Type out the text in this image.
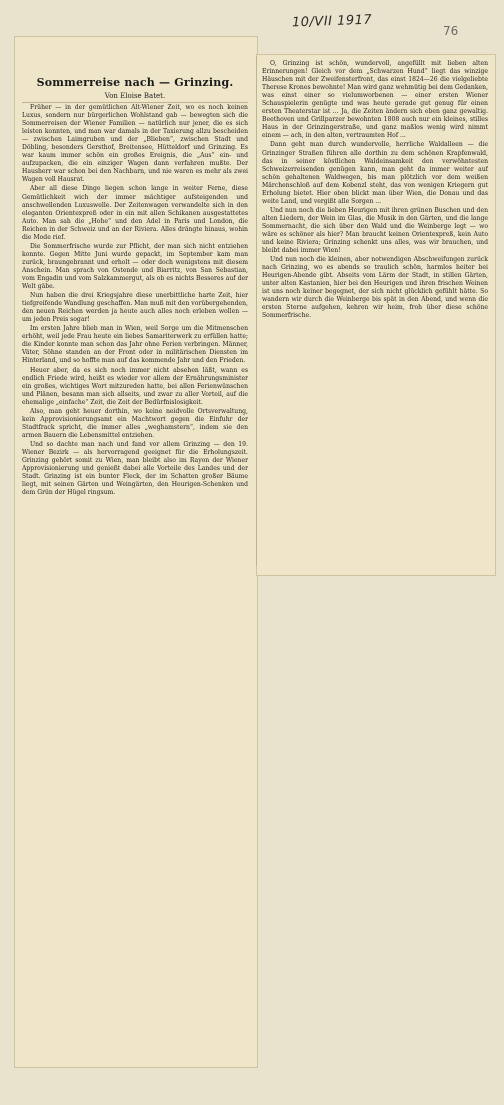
10/VII 1917
76
Sommerreise nach — Grinzing.
Von Eloise Batet.

Früher — in der gemütlichen Alt-Wiener Zeit, wo es noch keinen Luxus, sondern nur bürgerlichen Wohlstand gab — bewegten sich die Sommerreisen der Wiener Familien — natürlich nur jener, die es sich leisten konnten, und man war damals in der Taxierung allzu bescheiden — zwischen Laimgruben und der „Blieben“, zwischen Stadt und Döbling, besonders Gersthof, Breitensee, Hütteldorf und Grinzing. Es war kaum immer schön ein großes Ereignis, die „Aus“ ein- und aufzupacken, die ein einziger Wagen dann verfahren mußte. Der Hausherr war schon bei den Nachbarn, und nie waren es mehr als zwei Wagen voll Hausrat.

Aber all diese Dinge liegen schon lange in weiter Ferne, diese Gemütlichkeit wich der immer mächtiger aufsteigenden und anschwellenden Luxuswelle. Der Zeitenwagen verwandelte sich in den eleganten Orientexpreß oder in ein mit allen Schikanen ausgestattetes Auto. Man sah die „Hohe“ und den Adel in Paris und London, die Reichen in der Schweiz und an der Riviera. Alles drängte hinaus, wohin die Mode rief.

Die Sommerfrische wurde zur Pflicht, der man sich nicht entziehen konnte. Gegen Mitte Juni wurde gepackt, im September kam man zurück, braungebrannt und erholt — oder doch wenigstens mit diesem Anschein. Man sprach von Ostende und Biarritz, von San Sebastian, vom Engadin und vom Salzkammergut, als ob es nichts Besseres auf der Welt gäbe.

Nun haben die drei Kriegsjahre diese unerbittliche harte Zeit, hier tiefgreifende Wandlung geschaffen. Man muß mit den vorübergehenden, den neuen Reichen werden ja heute auch alles noch erleben wollen — um jeden Preis sogar!

Im ersten Jahre blieb man in Wien, weil Sorge um die Mitmenschen erhöht, weil jede Frau heute ein liebes Samariterwerk zu erfüllen hatte; die Kinder konnte man schon das Jahr ohne Ferien verbringen. Männer, Väter, Söhne standen an der Front oder in militärischen Diensten im Hinterland, und so hoffte man auf das kommende Jahr und den Frieden.

Heuer aber, da es sich noch immer nicht absehen läßt, wann es endlich Friede wird, heißt es wieder vor allem der Ernährungsminister ein großes, wichtiges Wort mitzureden hatte, bei allen Ferienwünschen und Plänen, besann man sich allseits, und zwar zu aller Vorteil, auf die ehemalige „einfache“ Zeit, die Zeit der Bedürfnislosigkeit.

Also, man geht heuer dorthin, wo keine neidvolle Ortsverwaltung, kein Approvisionierungsamt ein Machtwort gegen die Einfuhr der Stadtfrack spricht, die immer alles „weghamstern“, indem sie den armen Bauern die Lebensmittel entziehen.

Und so dachte man nach und fand vor allem Grinzing — den 19. Wiener Bezirk — als hervorragend geeignet für die Erholungszeit. Grinzing gehört somit zu Wien, man bleibt also im Rayon der Wiener Approvisionierung und genießt dabei alle Vorteile des Landes und der Stadt. Grinzing ist ein bunter Fleck, der im Schatten großer Bäume liegt, mit seinen Gärten und Weingärten, den Heurigen-Schenken und dem Grün der Hügel ringsum.

O, Grinzing ist schön, wundervoll, angefüllt mit lieben alten Erinnerungen! Gleich vor dem „Schwarzen Hund“ liegt das winzige Häuschen mit der Zweifensterfront, das einst 1824—26 die vielgeliebte Therese Krones bewohnte! Man wird ganz wehmütig bei dem Gedanken, was einst einer so vielumworbenen — einer ersten Wiener Schauspielerin genügte und was heute gerade gut genug für einen ersten Theaterstar ist ... Ja, die Zeiten ändern sich eben ganz gewaltig. Beethoven und Grillparzer bewohnten 1808 auch nur ein kleines, stilles Haus in der Grinzingerstraße, und ganz maßlos wenig wird nimmt einem — ach, in den alten, vertraumten Hof ...

Dann geht man durch wundervolle, herrliche Waldalleen — die Grinzinger Straßen führen alle dorthin zu dem schönen Krapfenwald, das in seiner köstlichen Waldeinsamkeit den verwöhntesten Schweizerreisenden genügen kann, man geht da immer weiter auf schön gehaltenen Waldwegen, bis man plötzlich vor dem weißen Märchenschloß auf dem Kobenzl steht, das von wenigen Kriegern gut Erholung bietet. Hier oben blickt man über Wien, die Donau und das weite Land, und vergißt alle Sorgen ...

Und nun noch die lieben Heurigen mit ihren grünen Buschen und den alten Liedern, der Wein im Glas, die Musik in den Gärten, und die lange Sommernacht, die sich über den Wald und die Weinberge legt — wo wäre es schöner als hier? Man braucht keinen Orientexpreß, kein Auto und keine Riviera; Grinzing schenkt uns alles, was wir brauchen, und bleibt dabei immer Wien!

Und nun noch die kleinen, aber notwendigen Abschweifungen zurück nach Grinzing, wo es abends so traulich schön, harmlos heiter bei Heurigen-Abende gibt. Abseits vom Lärm der Stadt, in stillen Gärten, unter alten Kastanien, hier bei den Heurigen und ihren frischen Weinen ist uns noch keiner begegnet, der sich nicht glücklich gefühlt hätte. So wandern wir durch die Weinberge bis spät in den Abend, und wenn die ersten Sterne aufgehen, kehren wir heim, froh über diese schöne Sommerfrische.
